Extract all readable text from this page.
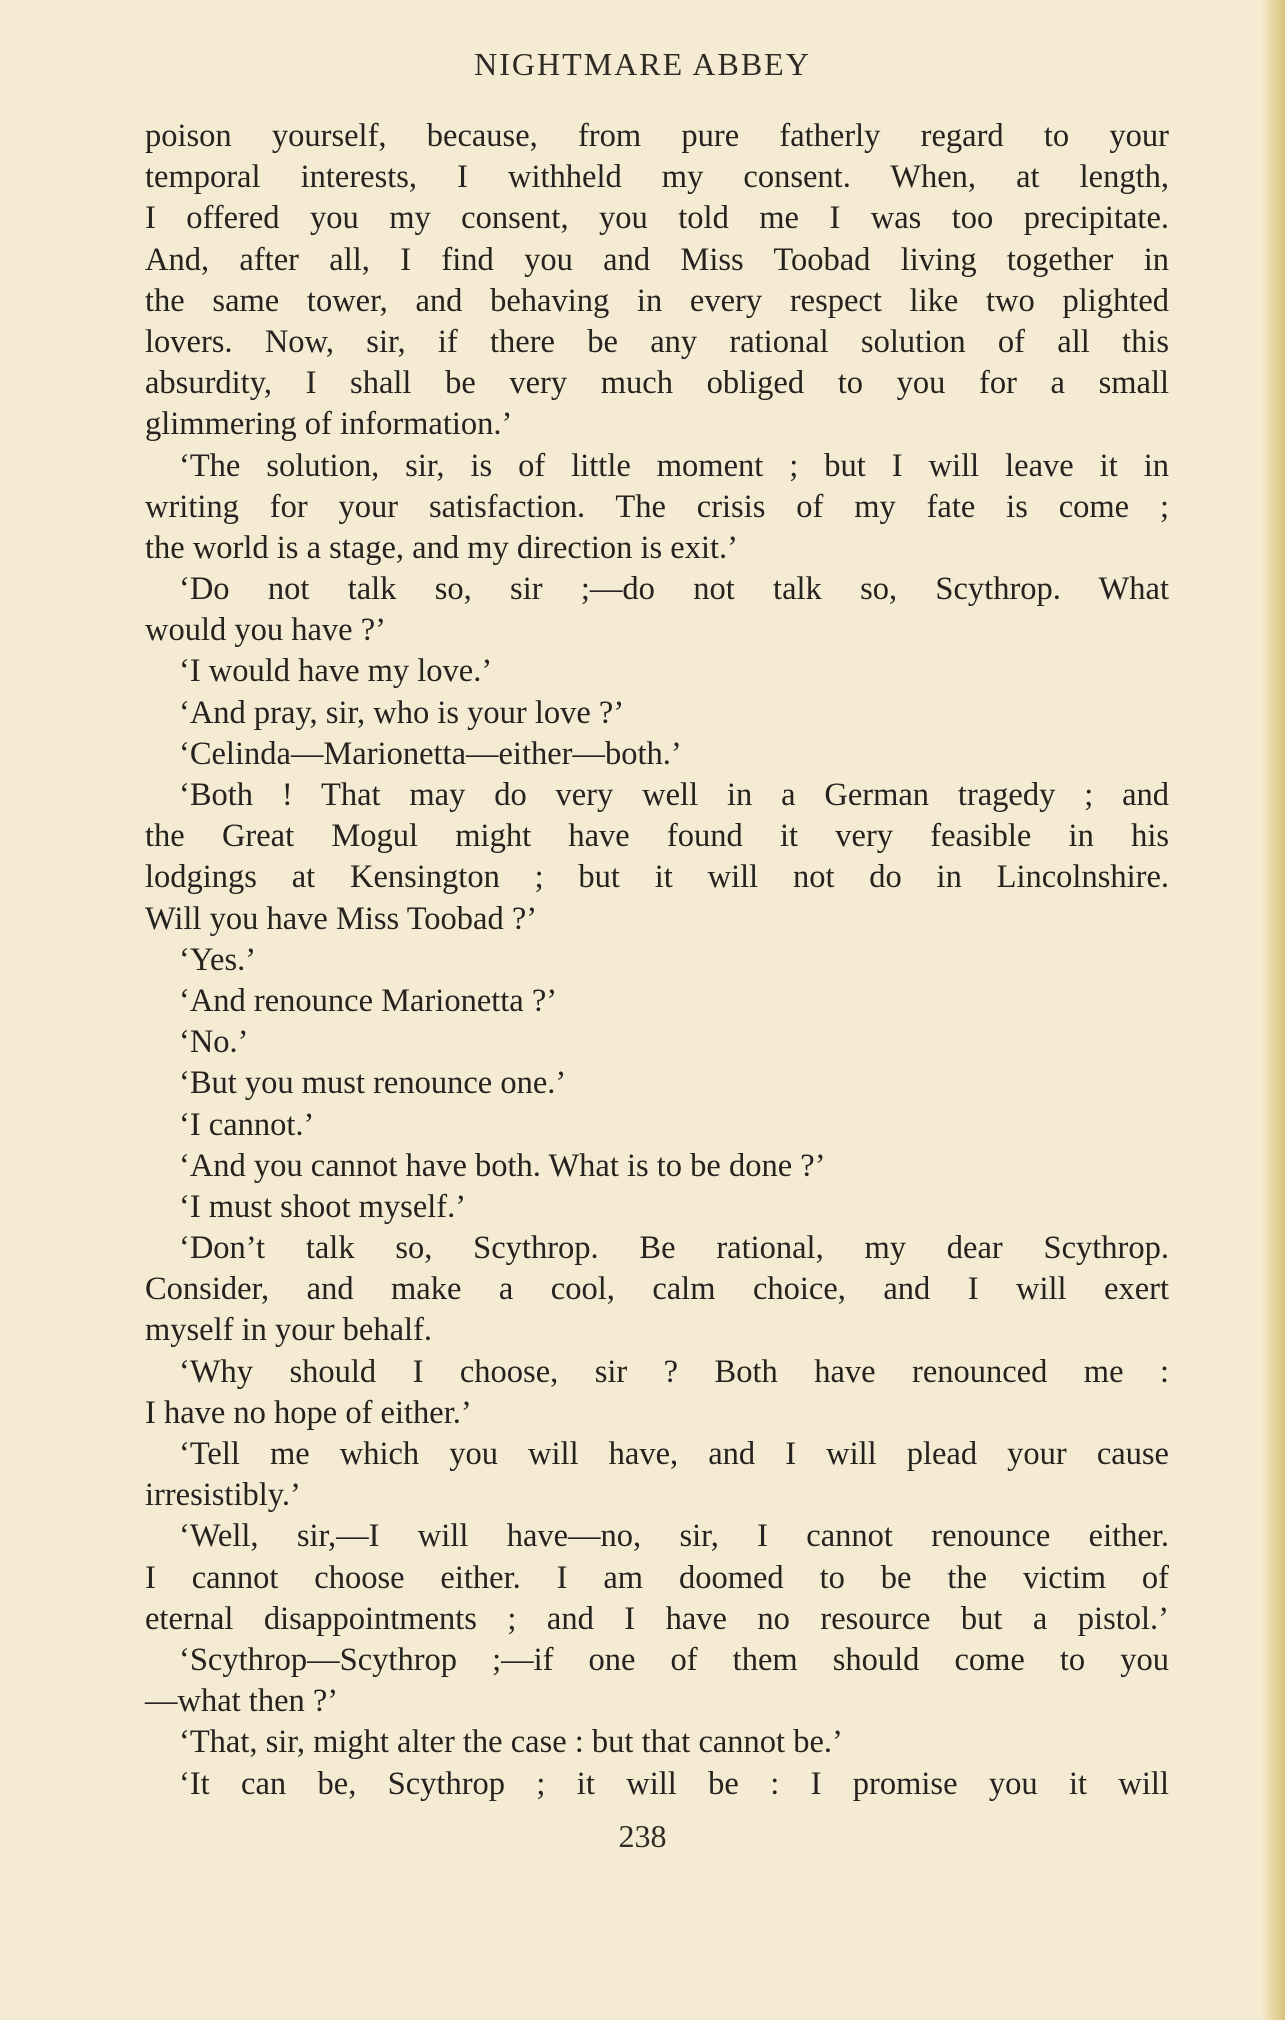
NIGHTMARE ABBEY
poison yourself, because, from pure fatherly regard to your
temporal interests, I withheld my consent. When, at length,
I offered you my consent, you told me I was too precipitate.
And, after all, I find you and Miss Toobad living together in
the same tower, and behaving in every respect like two plighted
lovers. Now, sir, if there be any rational solution of all this
absurdity, I shall be very much obliged to you for a small
glimmering of information.’
‘The solution, sir, is of little moment ; but I will leave it in
writing for your satisfaction. The crisis of my fate is come ;
the world is a stage, and my direction is exit.’
‘Do not talk so, sir ;—do not talk so, Scythrop. What
would you have ?’
‘I would have my love.’
‘And pray, sir, who is your love ?’
‘Celinda—Marionetta—either—both.’
‘Both ! That may do very well in a German tragedy ; and
the Great Mogul might have found it very feasible in his
lodgings at Kensington ; but it will not do in Lincolnshire.
Will you have Miss Toobad ?’
‘Yes.’
‘And renounce Marionetta ?’
‘No.’
‘But you must renounce one.’
‘I cannot.’
‘And you cannot have both. What is to be done ?’
‘I must shoot myself.’
‘Don’t talk so, Scythrop. Be rational, my dear Scythrop.
Consider, and make a cool, calm choice, and I will exert
myself in your behalf.
‘Why should I choose, sir ? Both have renounced me :
I have no hope of either.’
‘Tell me which you will have, and I will plead your cause
irresistibly.’
‘Well, sir,—I will have—no, sir, I cannot renounce either.
I cannot choose either. I am doomed to be the victim of
eternal disappointments ; and I have no resource but a pistol.’
‘Scythrop—Scythrop ;—if one of them should come to you
—what then ?’
‘That, sir, might alter the case : but that cannot be.’
‘It can be, Scythrop ; it will be : I promise you it will
238
